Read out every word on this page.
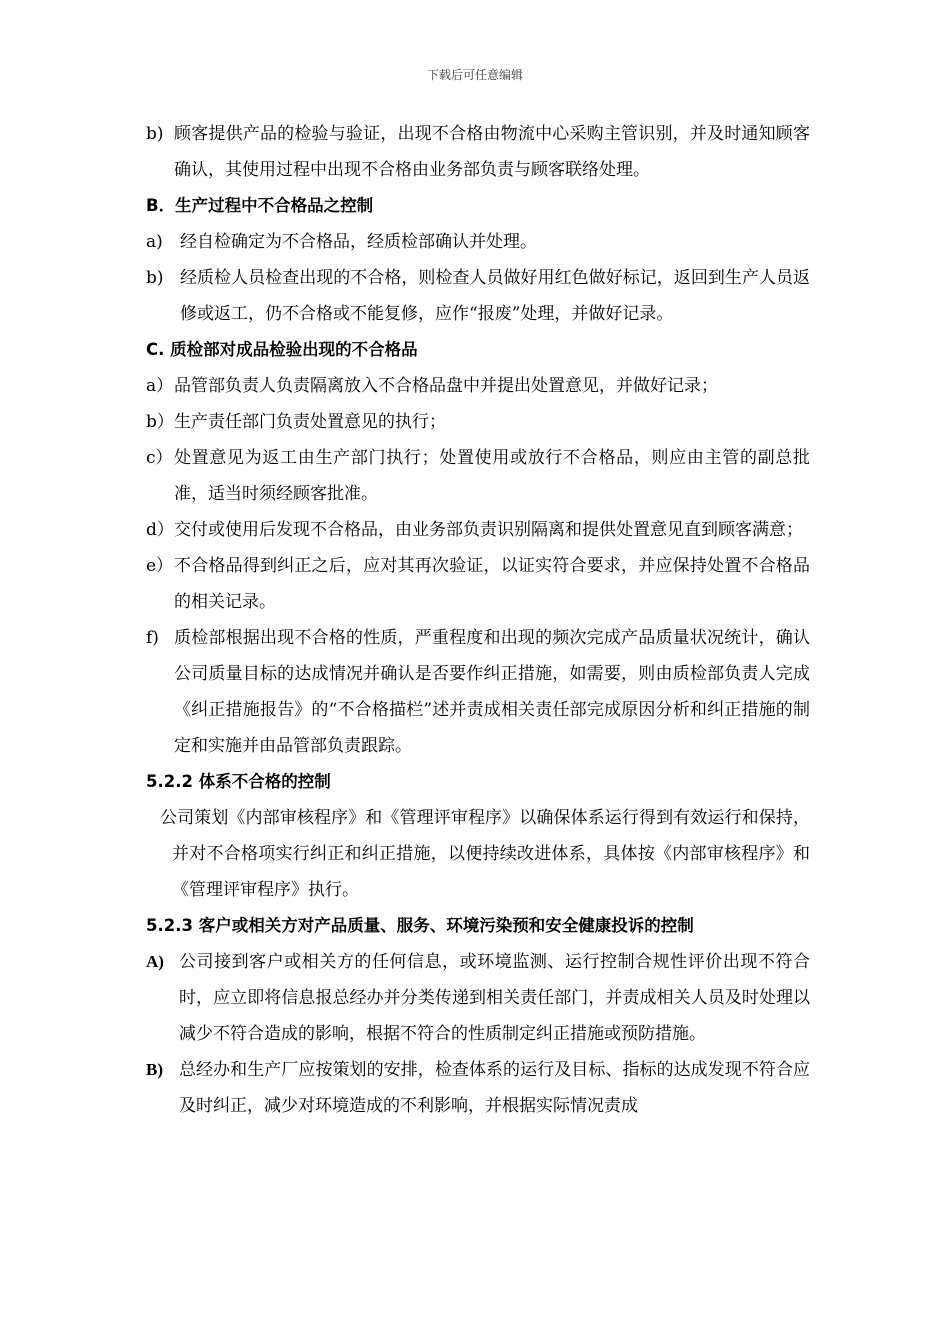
下载后可任意编辑
b) 顾客提供产品的检验与验证，出现不合格由物流中心采购主管识别，并及时通知顾客确认，其使用过程中出现不合格由业务部负责与顾客联络处理。
B．生产过程中不合格品之控制
a)	经自检确定为不合格品，经质检部确认并处理。
b) 经质检人员检查出现的不合格，则检查人员做好用红色做好标记，返回到生产人员返修或返工，仍不合格或不能复修，应作“报废”处理，并做好记录。
C. 质检部对成品检验出现的不合格品
a） 品管部负责人负责隔离放入不合格品盘中并提出处置意见，并做好记录；
b） 生产责任部门负责处置意见的执行；
c） 处置意见为返工由生产部门执行；处置使用或放行不合格品，则应由主管的副总批准，适当时须经顾客批准。
d） 交付或使用后发现不合格品，由业务部负责识别隔离和提供处置意见直到顾客满意；
e） 不合格品得到纠正之后，应对其再次验证，以证实符合要求，并应保持处置不合格品的相关记录。
f) 质检部根据出现不合格的性质，严重程度和出现的频次完成产品质量状况统计，确认公司质量目标的达成情况并确认是否要作纠正措施，如需要，则由质检部负责人完成《纠正措施报告》的“不合格描栏”述并责成相关责任部完成原因分析和纠正措施的制定和实施并由品管部负责跟踪。
5.2.2 体系不合格的控制
公司策划《内部审核程序》和《管理评审程序》以确保体系运行得到有效运行和保持，并对不合格项实行纠正和纠正措施，以便持续改进体系，具体按《内部审核程序》和《管理评审程序》执行。
5.2.3 客户或相关方对产品质量、服务、环境污染预和安全健康投诉的控制
A) 公司接到客户或相关方的任何信息，或环境监测、运行控制合规性评价出现不符合时，应立即将信息报总经办并分类传递到相关责任部门，并责成相关人员及时处理以减少不符合造成的影响，根据不符合的性质制定纠正措施或预防措施。
B) 总经办和生产厂应按策划的安排，检查体系的运行及目标、指标的达成发现不符合应及时纠正，减少对环境造成的不利影响，并根据实际情况责成
